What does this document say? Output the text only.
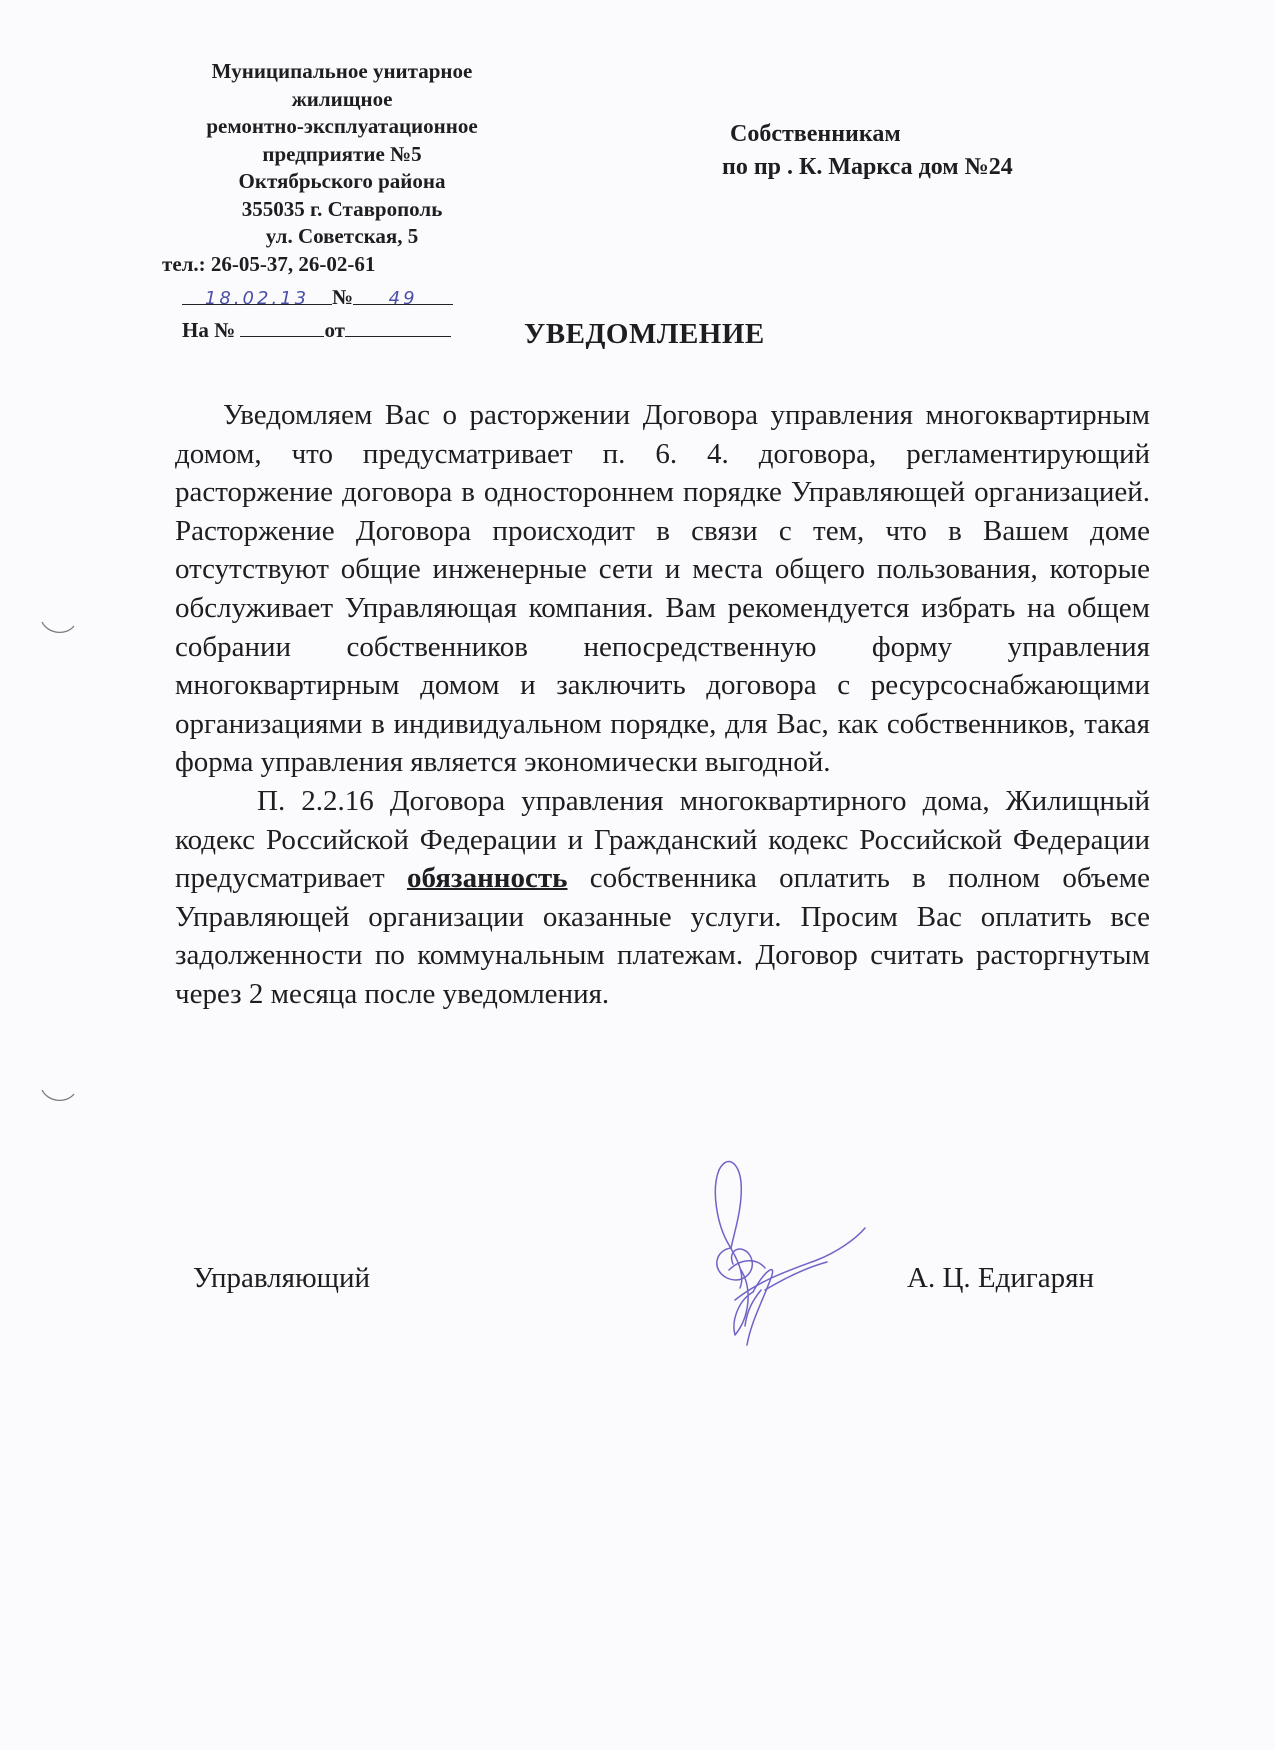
Муниципальное унитарное
жилищное
ремонтно-эксплуатационное
предприятие №5
Октябрьского района
355035 г. Ставрополь
ул. Советская, 5
тел.: 26-05-37, 26-02-61
18.02.13 № 49
На №	от
Собственникам
по пр . К. Маркса дом №24
УВЕДОМЛЕНИЕ

Уведомляем Вас о расторжении Договора управления многоквартирным домом, что предусматривает п. 6. 4. договора, регламентирующий расторжение договора в одностороннем порядке Управляющей организацией. Расторжение Договора происходит в связи с тем, что в Вашем доме отсутствуют общие инженерные сети и места общего пользования, которые обслуживает Управляющая компания. Вам рекомендуется избрать на общем собрании собственников непосредственную форму управления многоквартирным домом и заключить договора с ресурсоснабжающими организациями в индивидуальном порядке, для Вас, как собственников, такая форма управления является экономически выгодной.

П. 2.2.16 Договора управления многоквартирного дома, Жилищный кодекс Российской Федерации и Гражданский кодекс Российской Федерации предусматривает обязанность собственника оплатить в полном объеме Управляющей организации оказанные услуги. Просим Вас оплатить все задолженности по коммунальным платежам. Договор считать расторгнутым через 2 месяца после уведомления.

Управляющий	А. Ц. Едигарян
